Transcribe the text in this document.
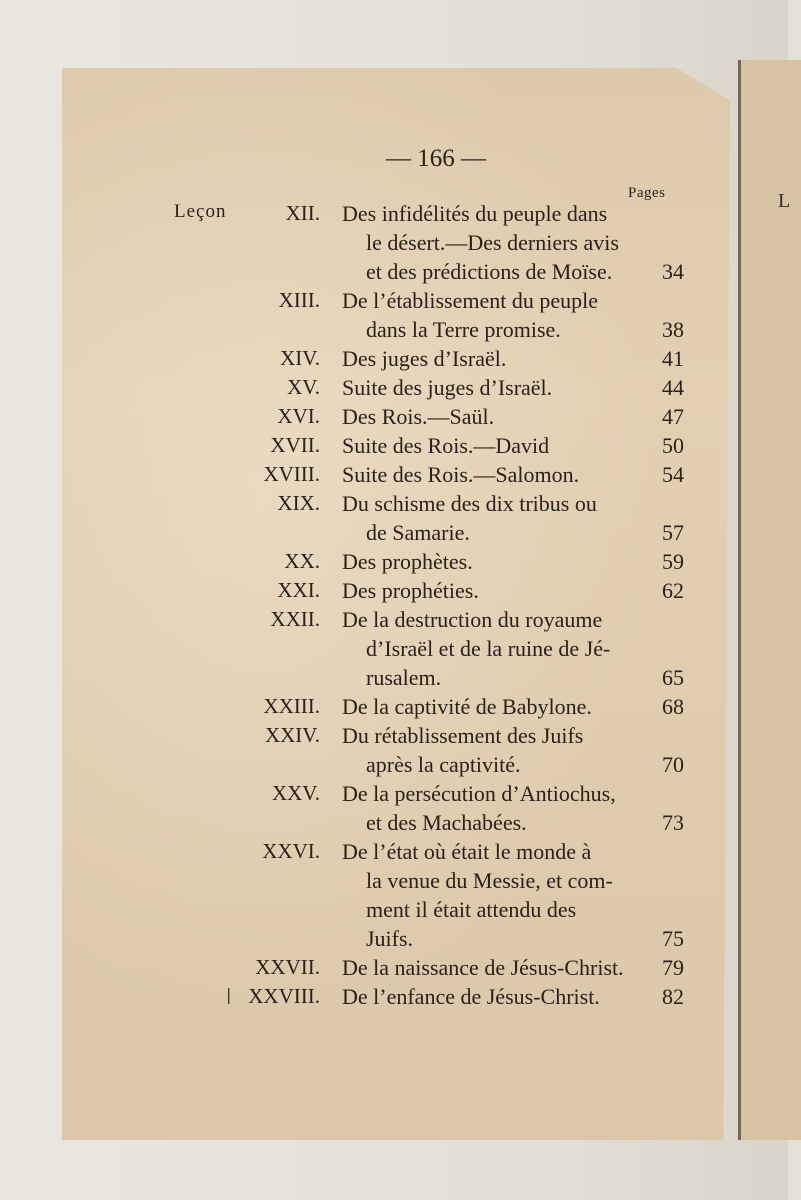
L
— 166 —
Pages
Leçon	XII. Des infidélités du peuple dans
le désert.—Des derniers avis
et des prédictions de Moïse.	34
XIII. De l’établissement du peuple
dans la Terre promise.	38
XIV. Des juges d’Israël.	41
XV. Suite des juges d’Israël.	44
XVI. Des Rois.—Saül.	47
XVII. Suite des Rois.—David	50
XVIII. Suite des Rois.—Salomon.	54
XIX. Du schisme des dix tribus ou
de Samarie.	57
XX. Des prophètes.	59
XXI. Des prophéties.	62
XXII. De la destruction du royaume
d’Israël et de la ruine de Jé-
rusalem.	65
XXIII. De la captivité de Babylone.	68
XXIV. Du rétablissement des Juifs
après la captivité.	70
XXV. De la persécution d’Antiochus,
et des Machabées.	73
XXVI. De l’état où était le monde à
la venue du Messie, et com-
ment il était attendu des
Juifs.	75
XXVII. De la naissance de Jésus-Christ.	79
XXVIII. De l’enfance de Jésus-Christ.	82
|
